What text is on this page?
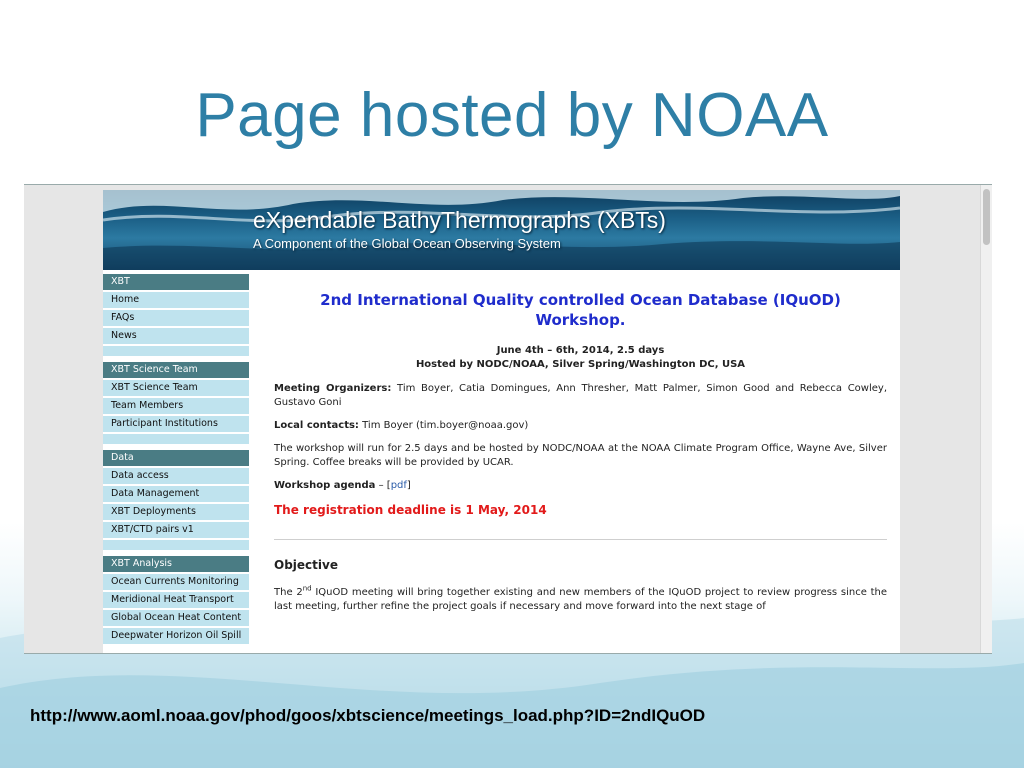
Page hosted by NOAA
eXpendable BathyThermographs (XBTs)
A Component of the Global Ocean Observing System
XBT
Home
FAQs
News
XBT Science Team
XBT Science Team
Team Members
Participant Institutions
Data
Data access
Data Management
XBT Deployments
XBT/CTD pairs v1
XBT Analysis
Ocean Currents Monitoring
Meridional Heat Transport
Global Ocean Heat Content
Deepwater Horizon Oil Spill
2nd International Quality controlled Ocean Database (IQuOD) Workshop.
June 4th – 6th, 2014, 2.5 days
Hosted by NODC/NOAA, Silver Spring/Washington DC, USA
Meeting Organizers: Tim Boyer, Catia Domingues, Ann Thresher, Matt Palmer, Simon Good and Rebecca Cowley, Gustavo Goni
Local contacts: Tim Boyer (tim.boyer@noaa.gov)
The workshop will run for 2.5 days and be hosted by NODC/NOAA at the NOAA Climate Program Office, Wayne Ave, Silver Spring. Coffee breaks will be provided by UCAR.
Workshop agenda – [pdf]
The registration deadline is 1 May, 2014
Objective
The 2nd IQuOD meeting will bring together existing and new members of the IQuOD project to review progress since the last meeting, further refine the project goals if necessary and move forward into the next stage of
http://www.aoml.noaa.gov/phod/goos/xbtscience/meetings_load.php?ID=2ndIQuOD
